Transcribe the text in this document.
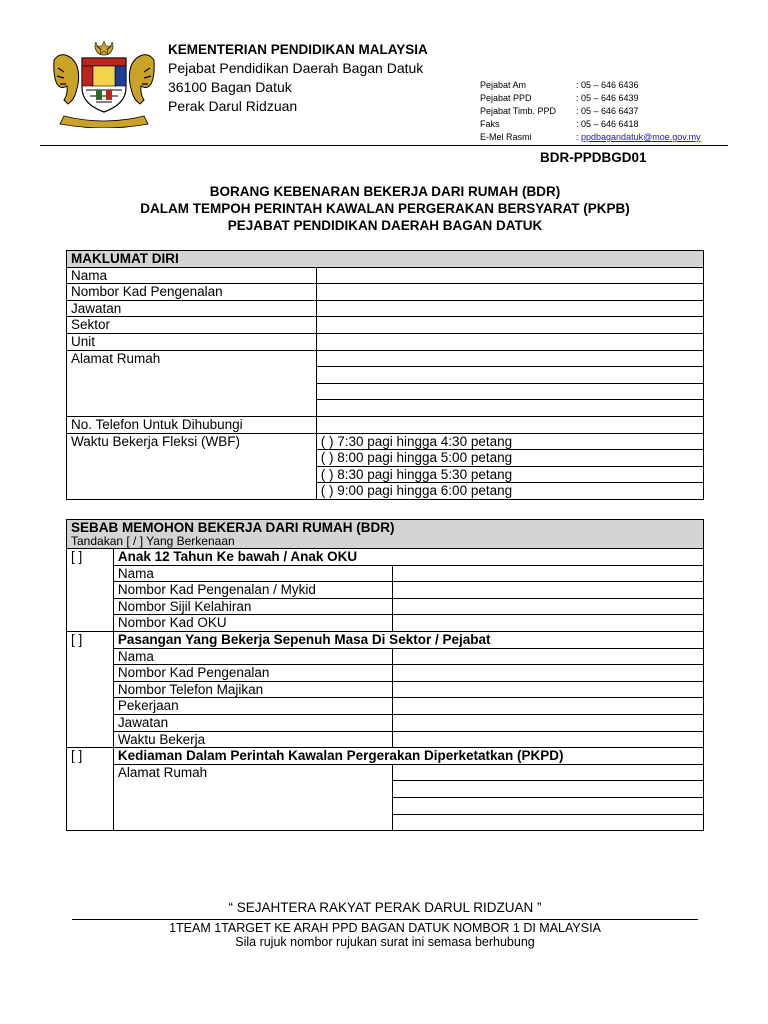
KEMENTERIAN PENDIDIKAN MALAYSIA
Pejabat Pendidikan Daerah Bagan Datuk
36100 Bagan Datuk
Perak Darul Ridzuan
Pejabat Am	: 05 – 646 6436
Pejabat PPD	: 05 – 646 6439
Pejabat Timb. PPD	: 05 – 646 6437
Faks	: 05 – 646 6418
E-Mel Rasmi	: ppdbagandatuk@moe.gov.my
BDR-PPDBGD01
BORANG KEBENARAN BEKERJA DARI RUMAH (BDR)
DALAM TEMPOH PERINTAH KAWALAN PERGERAKAN BERSYARAT (PKPB)
PEJABAT PENDIDIKAN DAERAH BAGAN DATUK
MAKLUMAT DIRI	
Nama	
Nombor Kad Pengenalan	
Jawatan	
Sektor	
Unit	
Alamat Rumah	

No. Telefon Untuk Dihubungi	
Waktu Bekerja Fleksi (WBF)	( ) 7:30 pagi hingga 4:30 petang
	( ) 8:00 pagi hingga 5:00 petang
	( ) 8:30 pagi hingga 5:30 petang
	( ) 9:00 pagi hingga 6:00 petang
SEBAB MEMOHON BEKERJA DARI RUMAH (BDR)
Tandakan [ / ] Yang Berkenaan		

[ ]	Anak 12 Tahun Ke bawah / Anak OKU	
	Nama	
	Nombor Kad Pengenalan / Mykid	
	Nombor Sijil Kelahiran	
	Nombor Kad OKU	
[ ]	Pasangan Yang Bekerja Sepenuh Masa Di Sektor / Pejabat	
	Nama	
	Nombor Kad Pengenalan	
	Nombor Telefon Majikan	
	Pekerjaan	
	Jawatan	
	Waktu Bekerja	
[ ]	Kediaman Dalam Perintah Kawalan Pergerakan Diperketatkan (PKPD)	
	Alamat Rumah	

“ SEJAHTERA RAKYAT PERAK DARUL RIDZUAN ”
1TEAM 1TARGET KE ARAH PPD BAGAN DATUK NOMBOR 1 DI MALAYSIA
Sila rujuk nombor rujukan surat ini semasa berhubung
